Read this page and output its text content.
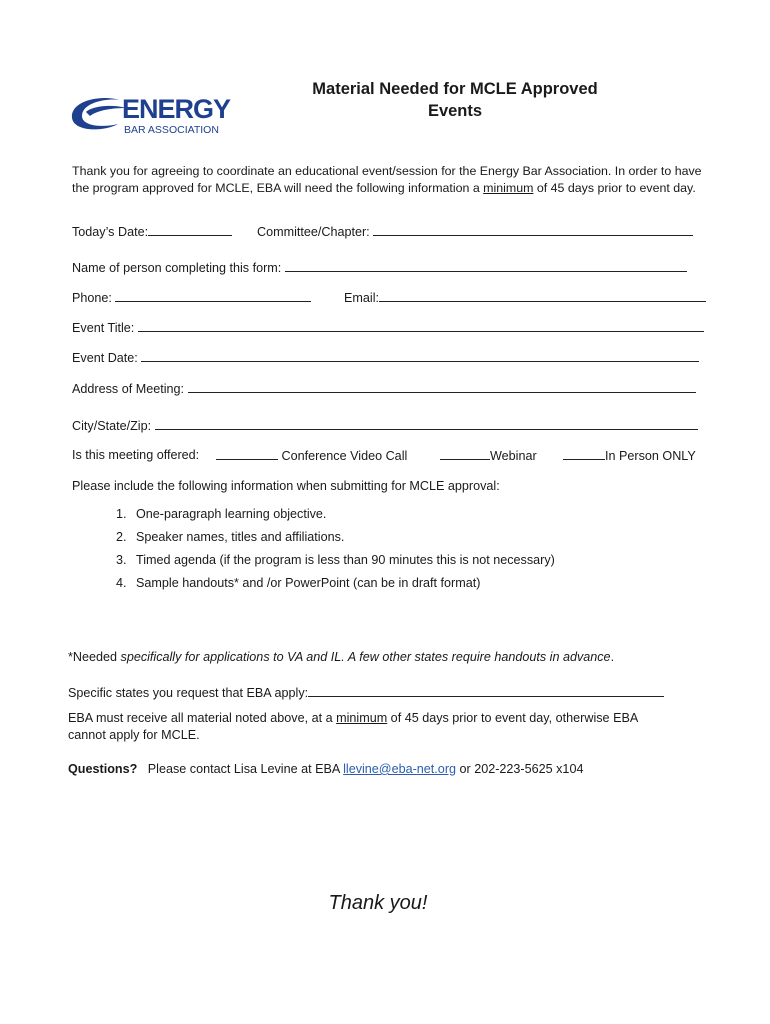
ENERGY
BAR ASSOCIATION
Material Needed for MCLE Approved
Events
Thank you for agreeing to coordinate an educational event/session for the Energy Bar Association. In order to have the program approved for MCLE, EBA will need the following information a minimum of 45 days prior to event day.
Today’s Date:	Committee/Chapter:
Name of person completing this form:
Phone:	Email:
Event Title:
Event Date:
Address of Meeting:
City/State/Zip:
Is this meeting offered:	Conference Video Call	Webinar	In Person ONLY
Please include the following information when submitting for MCLE approval:
1. One-paragraph learning objective.
2. Speaker names, titles and affiliations.
3. Timed agenda (if the program is less than 90 minutes this is not necessary)
4. Sample handouts* and /or PowerPoint (can be in draft format)
*Needed specifically for applications to VA and IL. A few other states require handouts in advance.
Specific states you request that EBA apply:
EBA must receive all material noted above, at a minimum of 45 days prior to event day, otherwise EBA cannot apply for MCLE.
Questions? Please contact Lisa Levine at EBA llevine@eba-net.org or 202-223-5625 x104
Thank you!
